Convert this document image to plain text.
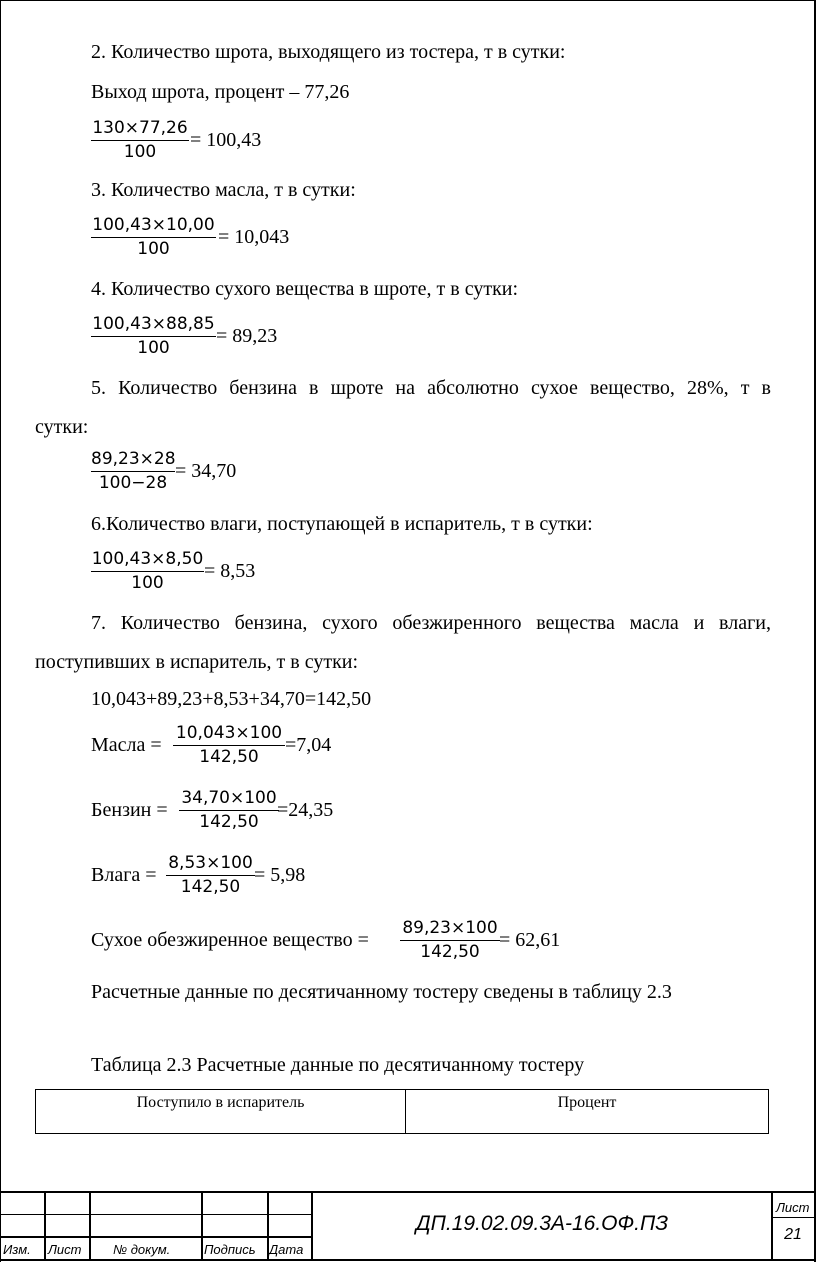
2. Количество шрота, выходящего из тостера, т в сутки:
Выход шрота, процент – 77,26
130×77,26
100
= 100,43
3. Количество масла, т в сутки:
100,43×10,00
100
= 10,043
4. Количество сухого вещества в шроте, т в сутки:
100,43×88,85
100
= 89,23
5. Количество бензина в шроте на абсолютно сухое вещество, 28%, т в
сутки:
89,23×28
100−28
= 34,70
6.Количество влаги, поступающей в испаритель, т в сутки:
100,43×8,50
100
= 8,53
7. Количество бензина, сухого обезжиренного вещества масла и влаги,
поступивших в испаритель, т в сутки:
10,043+89,23+8,53+34,70=142,50
Масла =
10,043×100
142,50
=7,04
Бензин =
34,70×100
142,50
=24,35
Влага =
8,53×100
142,50
= 5,98
Сухое обезжиренное вещество =
89,23×100
142,50
= 62,61
Расчетные данные по десятичанному тостеру сведены в таблицу 2.3
Таблица 2.3 Расчетные данные по десятичанному тостеру
Поступило в испаритель	Процент
Изм. Лист № докум.	Подпись Дата
Лист
ДП.19.02.09.3А-16.ОФ.ПЗ	21
